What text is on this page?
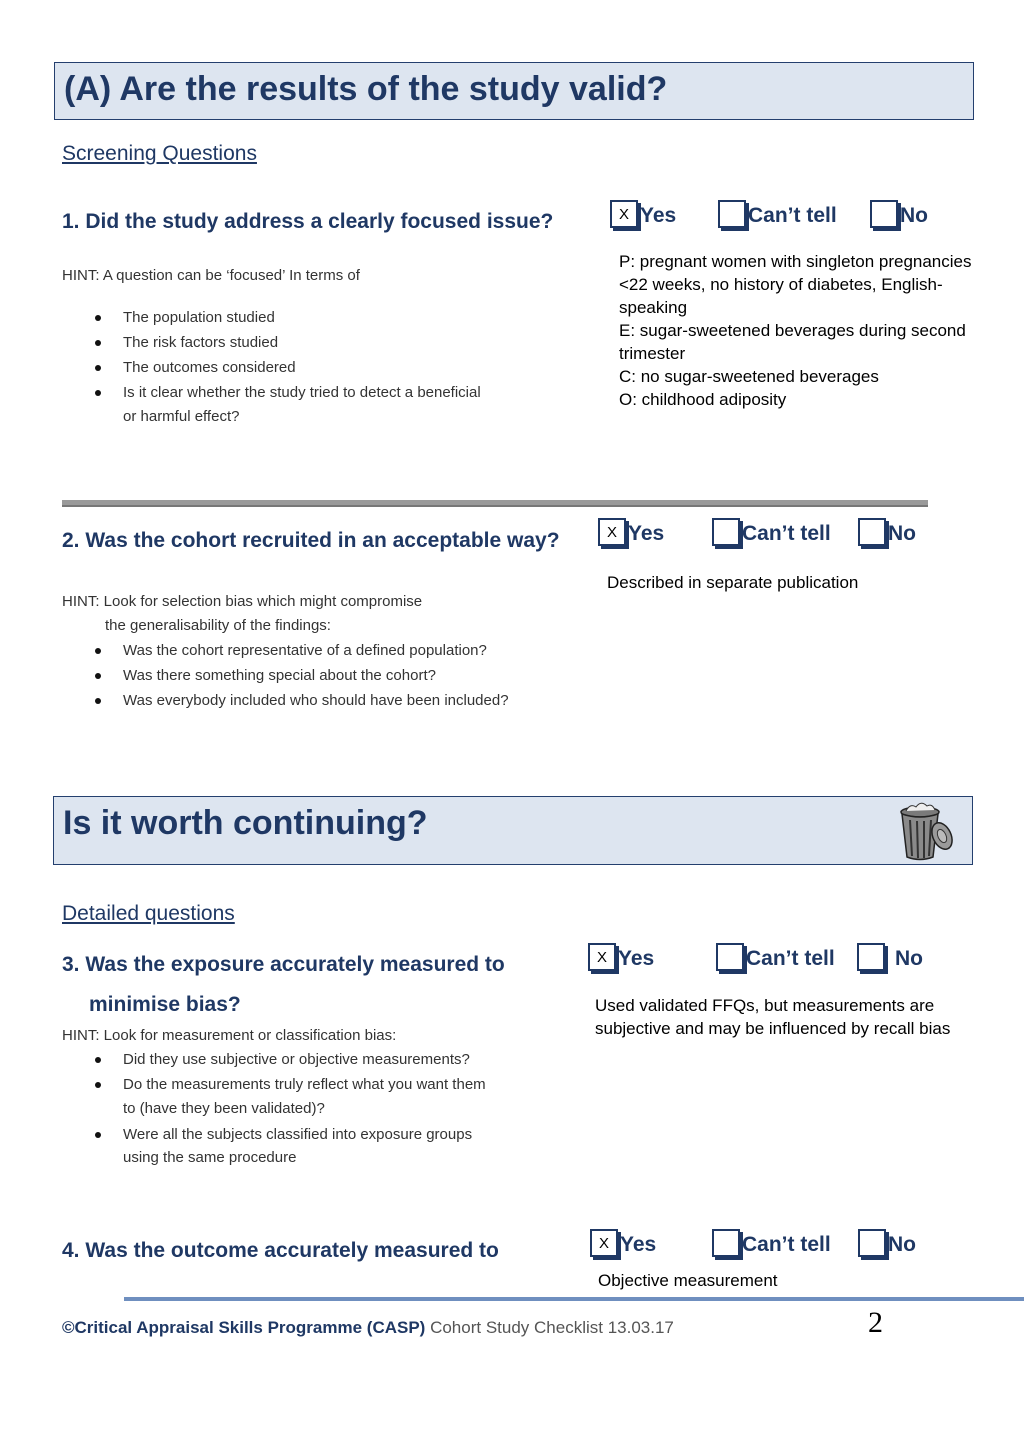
(A) Are the results of the study valid?
Screening Questions
1. Did the study address a clearly focused issue?	X Yes	Can’t tell	No
HINT: A question can be ‘focused’ In terms of
The population studied
The risk factors studied
The outcomes considered
Is it clear whether the study tried to detect a beneficial
or harmful effect?
P: pregnant women with singleton pregnancies
<22 weeks, no history of diabetes, English-
speaking
E: sugar-sweetened beverages during second
trimester
C: no sugar-sweetened beverages
O: childhood adiposity
2. Was the cohort recruited in an acceptable way?	X Yes	Can’t tell	No
Described in separate publication
HINT: Look for selection bias which might compromise
the generalisability of the findings:
Was the cohort representative of a defined population?
Was there something special about the cohort?
Was everybody included who should have been included?
Is it worth continuing?
Detailed questions
3. Was the exposure accurately measured to
minimise bias?
X Yes	Can’t tell	No
Used validated FFQs, but measurements are
subjective and may be influenced by recall bias
HINT: Look for measurement or classification bias:
Did they use subjective or objective measurements?
Do the measurements truly reflect what you want them
to (have they been validated)?
Were all the subjects classified into exposure groups
using the same procedure
4. Was the outcome accurately measured to	X Yes	Can’t tell	No
Objective measurement
©Critical Appraisal Skills Programme (CASP) Cohort Study Checklist 13.03.17	2
